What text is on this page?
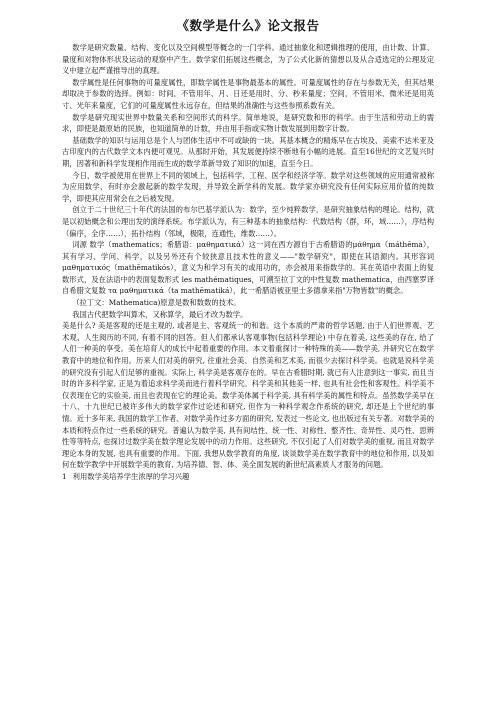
《数学是什么》论文报告

数学是研究数量、结构、变化以及空间模型等概念的一门学科。通过抽象化和逻辑推理的使用，由计数、计算、量度和对物体形状及运动的观察中产生。数学家们拓展这些概念，为了公式化新的猜想以及从合适选定的公理及定义中建立起严谨推导出的真理。

数学属性是任何事物的可量度属性，即数学属性是事物最基本的属性。可量度属性的存在与参数无关，但其结果却取决于参数的选择。例如：时间，不管用年、月、日还是用时、分、秒来量度；空间，不管用米、微米还是用英寸、光年来量度，它们的可量度属性永远存在，但结果的准确性与这些参照系数有关。

数学是研究现实世界中数量关系和空间形式的科学。简单地说，是研究数和形的科学。由于生活和劳动上的需求，即使是最原始的民族，也知道简单的计数，并由用手指或实物计数发展到用数字计数。

基础数学的知识与运用总是个人与团体生活中不可或缺的一块。其基本概念的精炼早在古埃及、美索不达米亚及古印度内的古代数学文本内便可观见。从那时开始，其发展便持续不断地有小幅的进展。直至16世纪的文艺复兴时期，因著和新科学发现相作用而生成的数学革新导致了知识的加速，直至今日。

今日，数学被使用在世界上不同的领域上，包括科学、工程、医学和经济学等。数学对这些领域的应用通常被称为应用数学，有时亦会激起新的数学发现，并导致全新学科的发展。数学家亦研究没有任何实际应用价值的纯数学，即使其应用常会在之后被发现。

创立于二十世纪三十年代的法国的布尔巴基学派认为：数学，至少纯粹数学，是研究抽象结构的理论。结构，就是以初始概念和公理出发的演绎系统。布学派认为，有三种基本的抽象结构：代数结构（群，环，域……），序结构（偏序，全序……），拓扑结构（邻域，极限，连通性，维数……）。

词源 数学（mathematics；希腊语：μαθηματικά）这一词在西方源自于古希腊语的μάθημα（máthēma），其有学习、学问、科学，以及另外还有个较狭意且技术性的意义——"数学研究"，即使在其语源内。其形容词 μαθηματικός（mathēmatikós），意义为和学习有关的或用功的，亦会被用来指数学的。其在英语中表面上的复数形式，及在法语中的表面复数形式 les mathématiques，可溯至拉丁文的中性复数 mathematica，由西塞罗译自希腊文复数 τα μαθηματικά（ta mathēmatiká），此一希腊语被亚里士多德拿来指"万物皆数"的概念。

（拉丁文：Mathematica)原意是数和数数的技术。

我国古代把数学叫算术，又称算学，最后才改为数学。

美是什么? 美是客观的还是主观的, 或者是主、客观统一的和谐。这个本质的严肃的哲学话题, 由于人们世界观、艺术观、人生阅历的不同, 有着不同的回答。但人们都承认客观事物(包括科学理论) 中存在着美, 这些美的存在, 给了人们一种美的享受。美在培育人的成长中起着重要的作用。本文着重探讨一种特殊的美——数学美, 并研究它在数学教育中的地位和作用。历来人们对美的研究, 往重社会美、自然美和艺术美, 而很少去探讨科学美。也就是说科学美的研究没有引起人们足够的重视。实际上, 科学美是客观存在的。早在古希腊时期, 就已有人注意到这一事实, 而且当时的许多科学家, 正是为着追求科学美而进行着科学研究。科学美和其他美一样, 也具有社会性和客观性。科学美不仅表现在它的实验美, 而且也表现在它的理论美。数学美体属于科学美, 具有科学美的属性和特点。虽然数学美早在十八、十九世纪已被许多伟大的数学家作过论述和研究, 但作为一种科学观念作系统的研究, 却还是上个世纪的事情。近十多年来, 我国的数学工作者、对数学美作过多方面的研究, 发表过一些论文, 也出版过有关专著。对数学美的本质和特点作过一些系统的研究。普遍认为数学美, 具有间结性、统一性、对称性、整齐性、奇异性、灵巧性、思辨性等等特点, 也探讨过数学美在数学理论发展中的动力作用。这些研究, 不仅引起了人们对数学美的重视, 而且对数学理论本身的发展, 也具有重要的作用。下面, 我想从数学教育的角度, 谈谈数学美在数学教育中的地位和作用, 以及如何在数学教学中开展数学美的教育, 为培养德、智、体、美全面发展的新世纪高素质人才服务的问题。

1 利用数学美培养学生浓厚的学习兴趣
